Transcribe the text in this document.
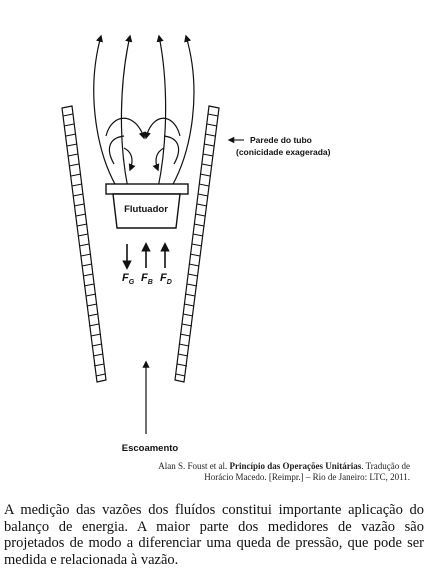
Flutuador
$F_G$ $F_B$ $F_D$
Escoamento
Parede do tubo
(conicidade exagerada)
Alan S. Foust et al. Princípio das Operações Unitárias. Tradução de Horácio Macedo. [Reimpr.] – Rio de Janeiro: LTC, 2011.

A medição das vazões dos fluídos constitui importante aplicação do balanço de energia. A maior parte dos medidores de vazão são projetados de modo a diferenciar uma queda de pressão, que pode ser medida e relacionada à vazão.
